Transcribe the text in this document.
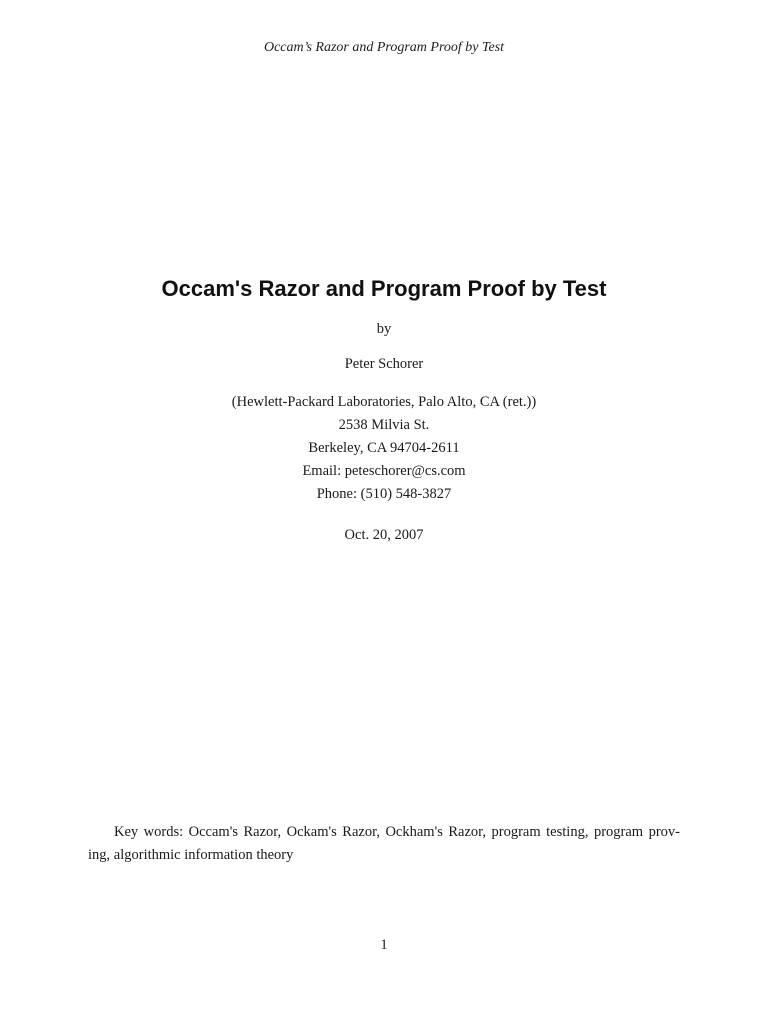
Occam’s Razor and Program Proof by Test
Occam's Razor and Program Proof by Test
by
Peter Schorer
(Hewlett-Packard Laboratories, Palo Alto, CA (ret.))
2538 Milvia St.
Berkeley, CA 94704-2611
Email: peteschorer@cs.com
Phone: (510) 548-3827
Oct. 20, 2007
Key words: Occam's Razor, Ockam's Razor, Ockham's Razor, program testing, program prov-ing, algorithmic information theory
1
